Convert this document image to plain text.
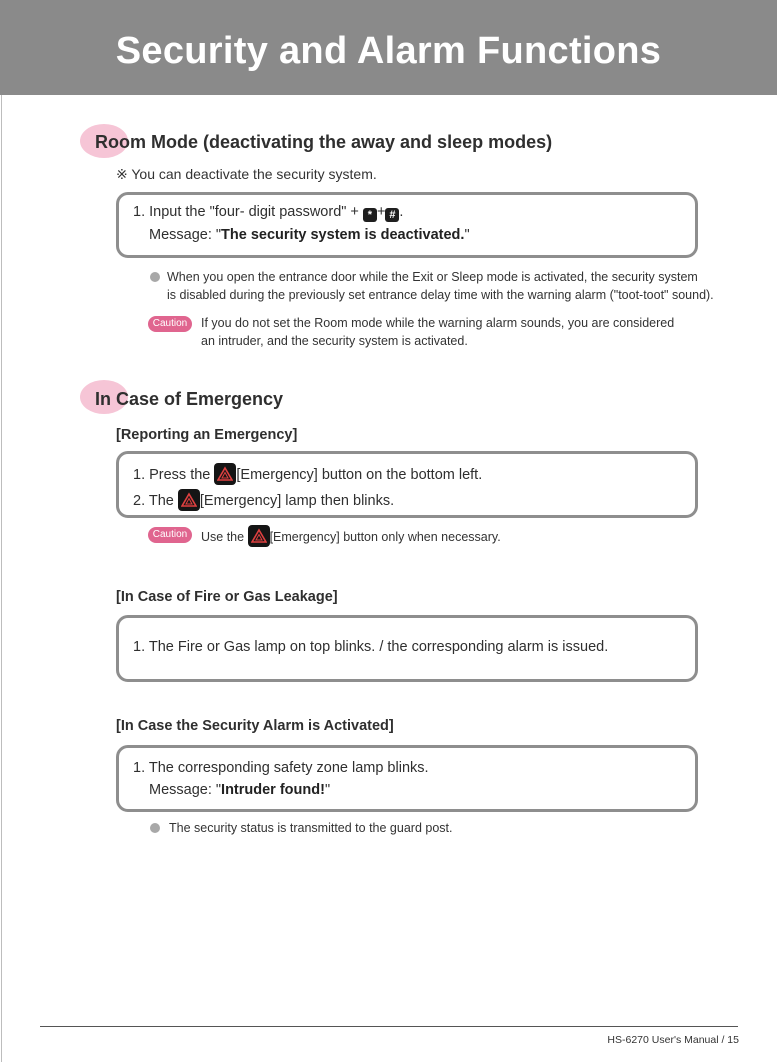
Security and Alarm Functions
Room Mode (deactivating the away and sleep modes)
※ You can deactivate the security system.
1. Input the "four- digit password" + * + # .
Message: "The security system is deactivated."
When you open the entrance door while the Exit or Sleep mode is activated, the security system
is disabled during the previously set entrance delay time with the warning alarm ("toot-toot" sound).
Caution	If you do not set the Room mode while the warning alarm sounds, you are considered
an intruder, and the security system is activated.
In Case of Emergency
[Reporting an Emergency]
1. Press the
[Emergency] button on the bottom left.
2. The
[Emergency] lamp then blinks.
Caution	Use the
[Emergency] button only when necessary.
[In Case of Fire or Gas Leakage]
1. The Fire or Gas lamp on top blinks. / the corresponding alarm is issued.
[In Case the Security Alarm is Activated]
1. The corresponding safety zone lamp blinks.
Message: "Intruder found!"
The security status is transmitted to the guard post.
HS-6270 User's Manual / 15
